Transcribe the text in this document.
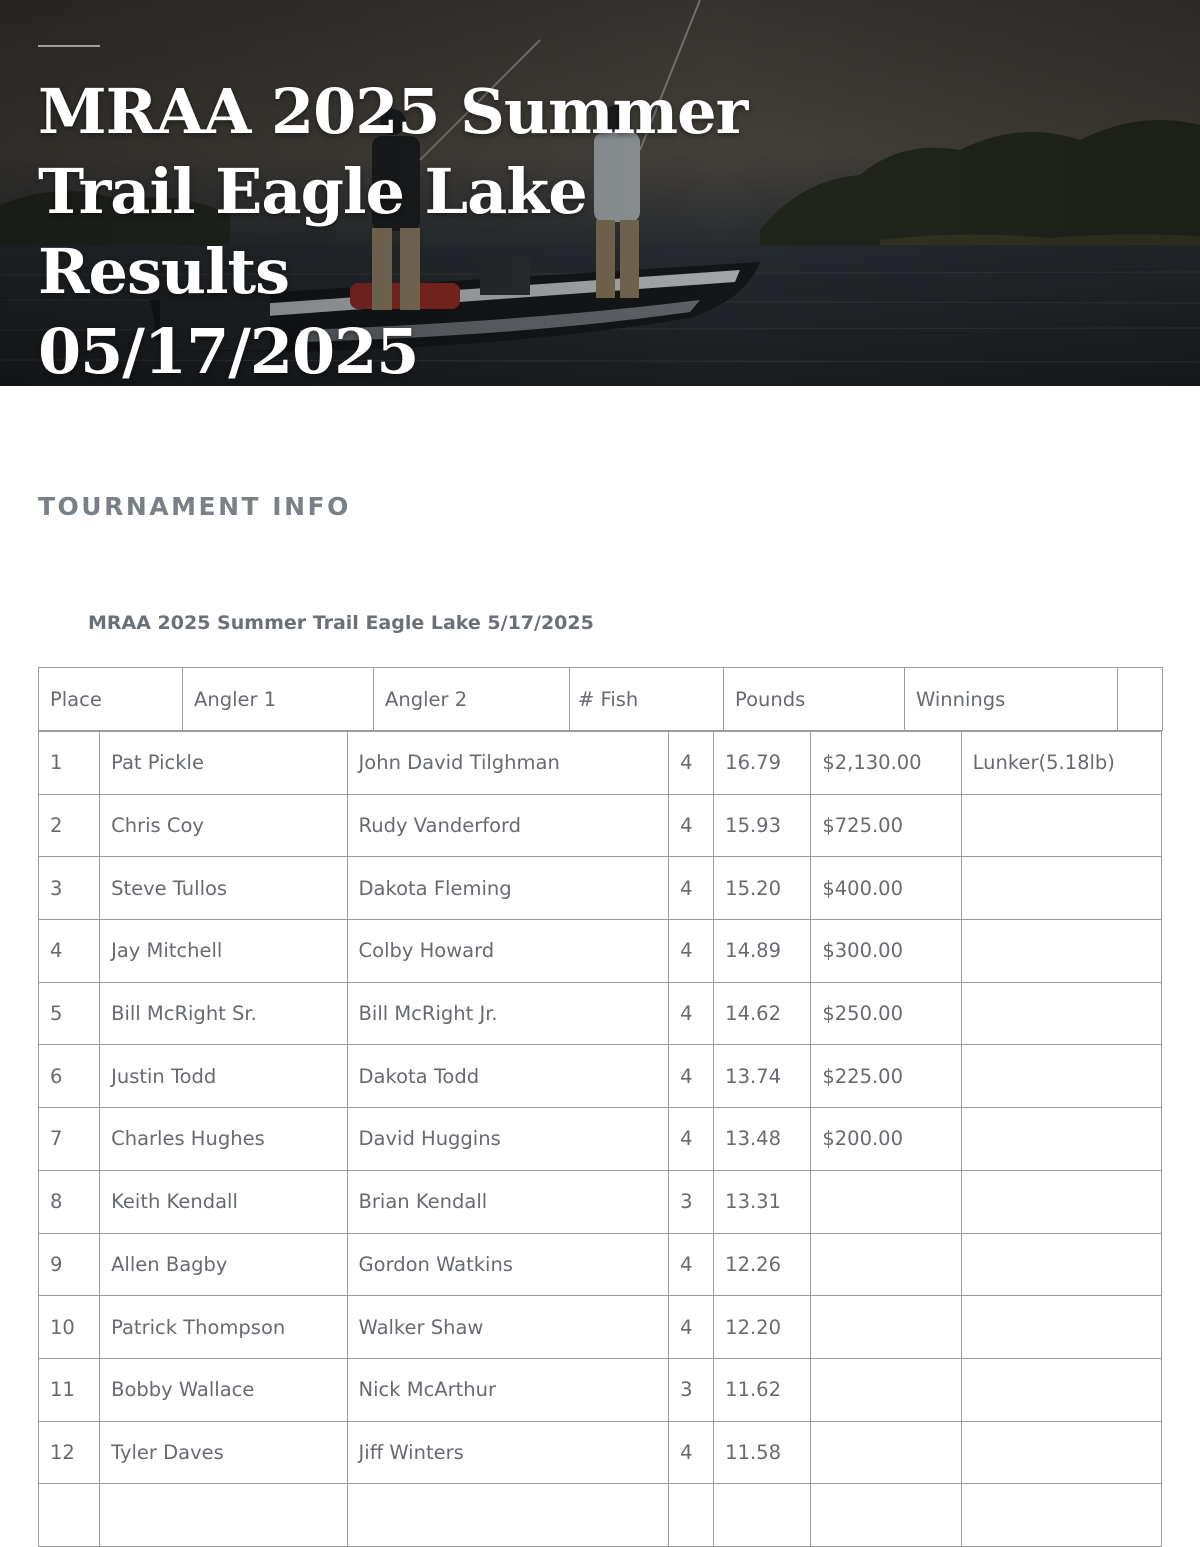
MRAA 2025 Summer
Trail Eagle Lake Results
05/17/2025
TOURNAMENT INFO

MRAA 2025 Summer Trail Eagle Lake 5/17/2025

Place	Angler 1	Angler 2	# Fish	Pounds	Winnings	
1	Pat Pickle	John David Tilghman	4	16.79	$2,130.00	Lunker(5.18lb)
2	Chris Coy	Rudy Vanderford	4	15.93	$725.00	
3	Steve Tullos	Dakota Fleming	4	15.20	$400.00	
4	Jay Mitchell	Colby Howard	4	14.89	$300.00	
5	Bill McRight Sr.	Bill McRight Jr.	4	14.62	$250.00	
6	Justin Todd	Dakota Todd	4	13.74	$225.00	
7	Charles Hughes	David Huggins	4	13.48	$200.00	
8	Keith Kendall	Brian Kendall	3	13.31		
9	Allen Bagby	Gordon Watkins	4	12.26		
10	Patrick Thompson	Walker Shaw	4	12.20		
11	Bobby Wallace	Nick McArthur	3	11.62		
12	Tyler Daves	Jiff Winters	4	11.58		
